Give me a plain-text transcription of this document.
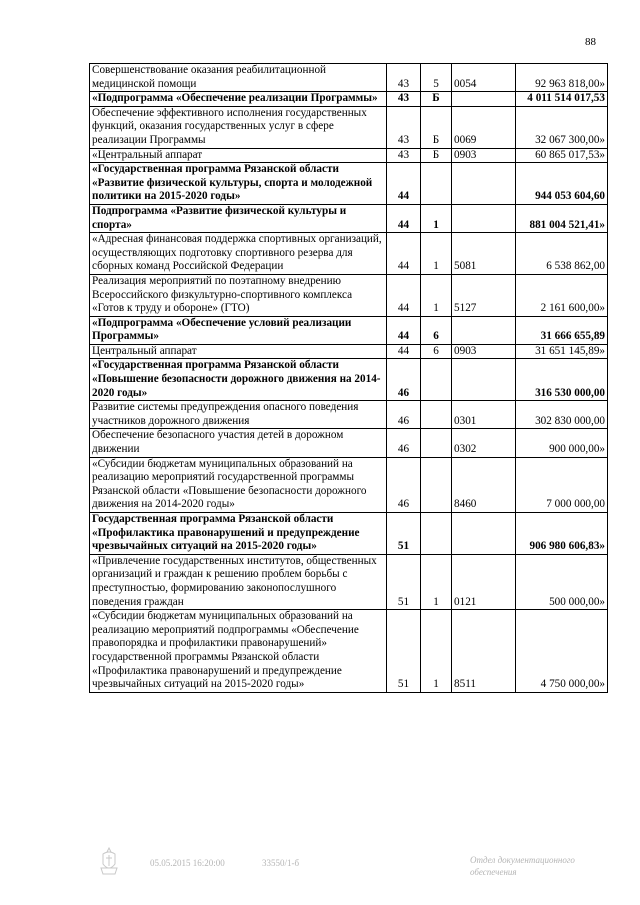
88
Совершенствование оказания реабилитационной медицинской помощи	43	5	0054	92 963 818,00»
«Подпрограмма «Обеспечение реализации Программы»	43	Б		4 011 514 017,53
Обеспечение эффективного исполнения государственных функций, оказания государственных услуг в сфере реализации Программы	43	Б	0069	32 067 300,00»
«Центральный аппарат	43	Б	0903	60 865 017,53»
«Государственная программа Рязанской области «Развитие физической культуры, спорта и молодежной политики на 2015-2020 годы»	44			944 053 604,60
Подпрограмма «Развитие физической культуры и спорта»	44	1		881 004 521,41»
«Адресная финансовая поддержка спортивных организаций, осуществляющих подготовку спортивного резерва для сборных команд Российской Федерации	44	1	5081	6 538 862,00
Реализация мероприятий по поэтапному внедрению Всероссийского физкультурно-спортивного комплекса «Готов к труду и обороне» (ГТО)	44	1	5127	2 161 600,00»
«Подпрограмма «Обеспечение условий реализации Программы»	44	6		31 666 655,89
Центральный аппарат	44	6	0903	31 651 145,89»
«Государственная программа Рязанской области «Повышение безопасности дорожного движения на 2014-2020 годы»	46			316 530 000,00
Развитие системы предупреждения опасного поведения участников дорожного движения	46		0301	302 830 000,00
Обеспечение безопасного участия детей в дорожном движении	46		0302	900 000,00»
«Субсидии бюджетам муниципальных образований на реализацию мероприятий государственной программы Рязанской области «Повышение безопасности дорожного движения на 2014-2020 годы»	46		8460	7 000 000,00
Государственная программа Рязанской области «Профилактика правонарушений и предупреждение чрезвычайных ситуаций на 2015-2020 годы»	51			906 980 606,83»
«Привлечение государственных институтов, общественных организаций и граждан к решению проблем борьбы с преступностью, формированию законопослушного поведения граждан	51	1	0121	500 000,00»
«Субсидии бюджетам муниципальных образований на реализацию мероприятий подпрограммы «Обеспечение правопорядка и профилактики правонарушений» государственной программы Рязанской области «Профилактика правонарушений и предупреждение чрезвычайных ситуаций на 2015-2020 годы»	51	1	8511	4 750 000,00»
05.05.2015 16:20:00	33550/1-б	Отдел документационного обеспечения
